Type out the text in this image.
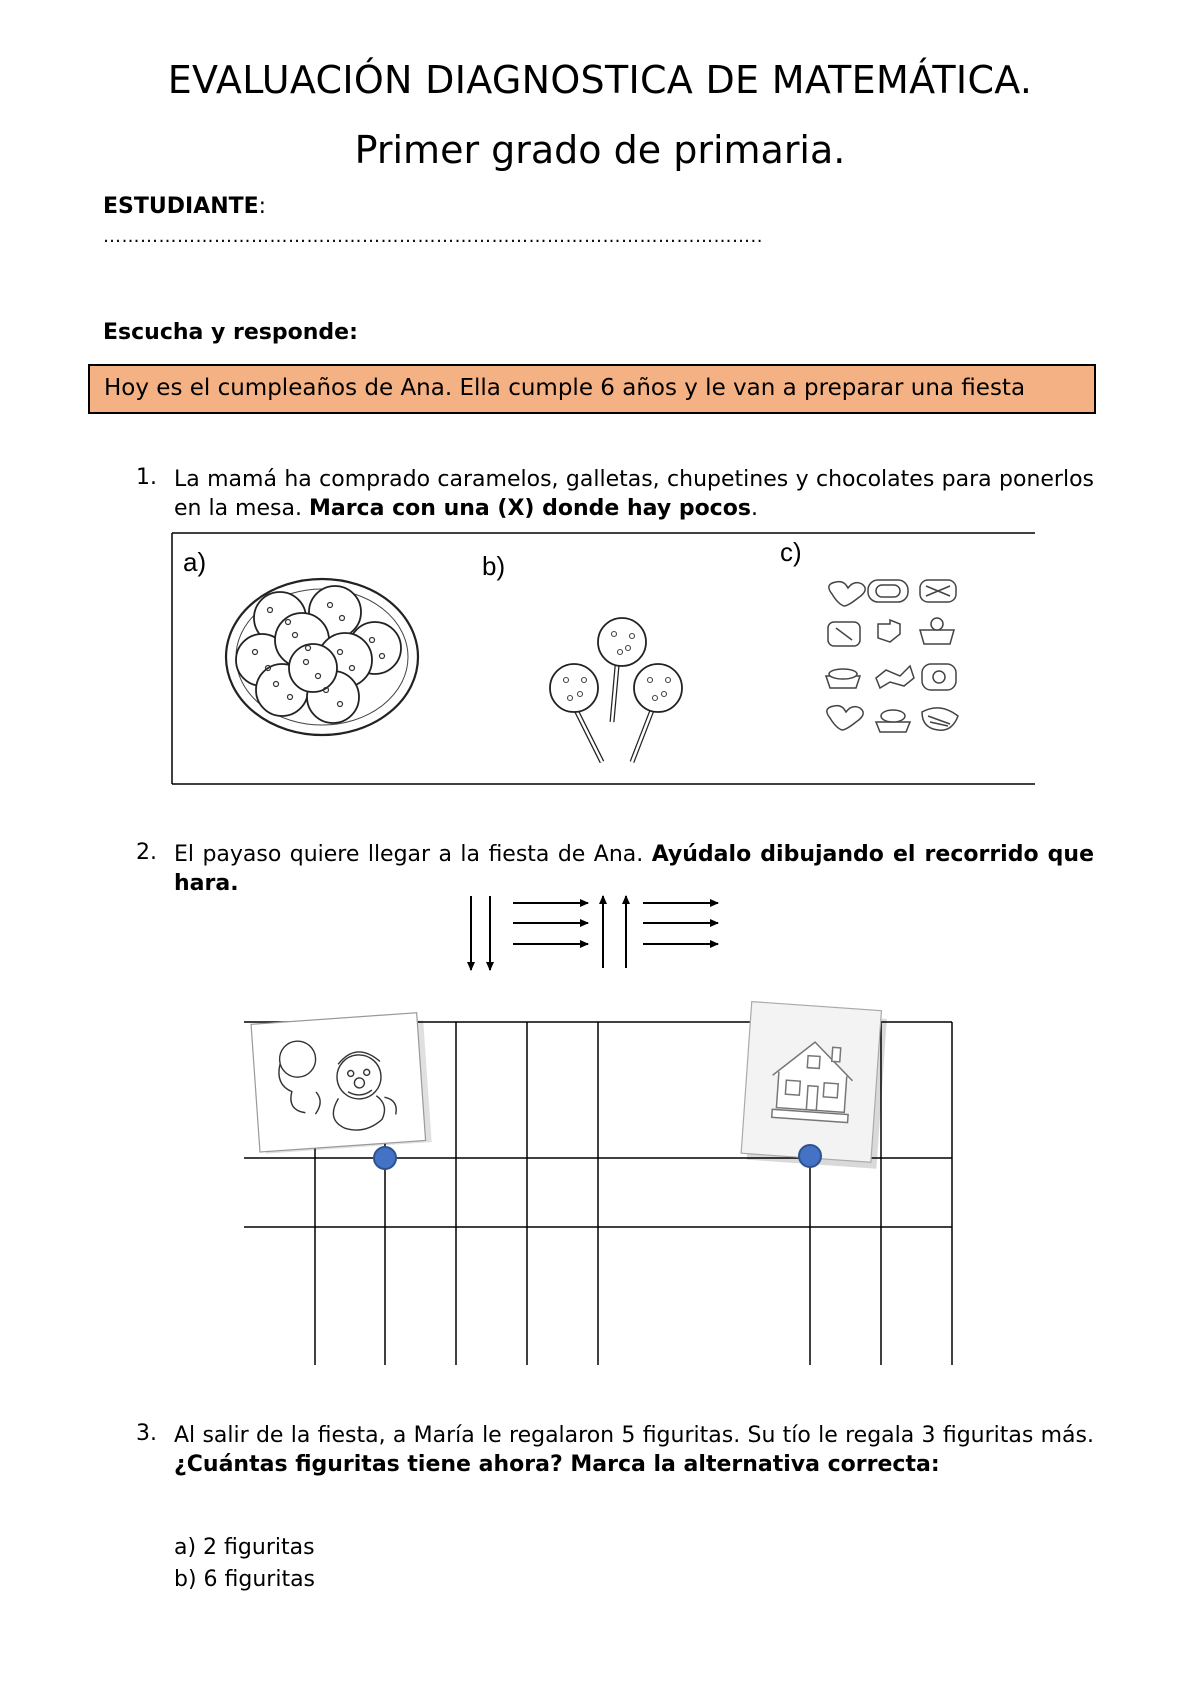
EVALUACIÓN DIAGNOSTICA DE MATEMÁTICA.
Primer grado de primaria.
ESTUDIANTE:
……………………………………………………………………………………………..
Escucha y responde:
Hoy es el cumpleaños de Ana. Ella cumple 6 años y le van a preparar una fiesta
1. La mamá ha comprado caramelos, galletas, chupetines y chocolates para ponerlos en la mesa. Marca con una (X) donde hay pocos.
a)	b)	c)
2. El payaso quiere llegar a la fiesta de Ana. Ayúdalo dibujando el recorrido que hara.
3. Al salir de la fiesta, a María le regalaron 5 figuritas. Su tío le regala 3 figuritas más. ¿Cuántas figuritas tiene ahora? Marca la alternativa correcta:
a) 2 figuritas
b) 6 figuritas
